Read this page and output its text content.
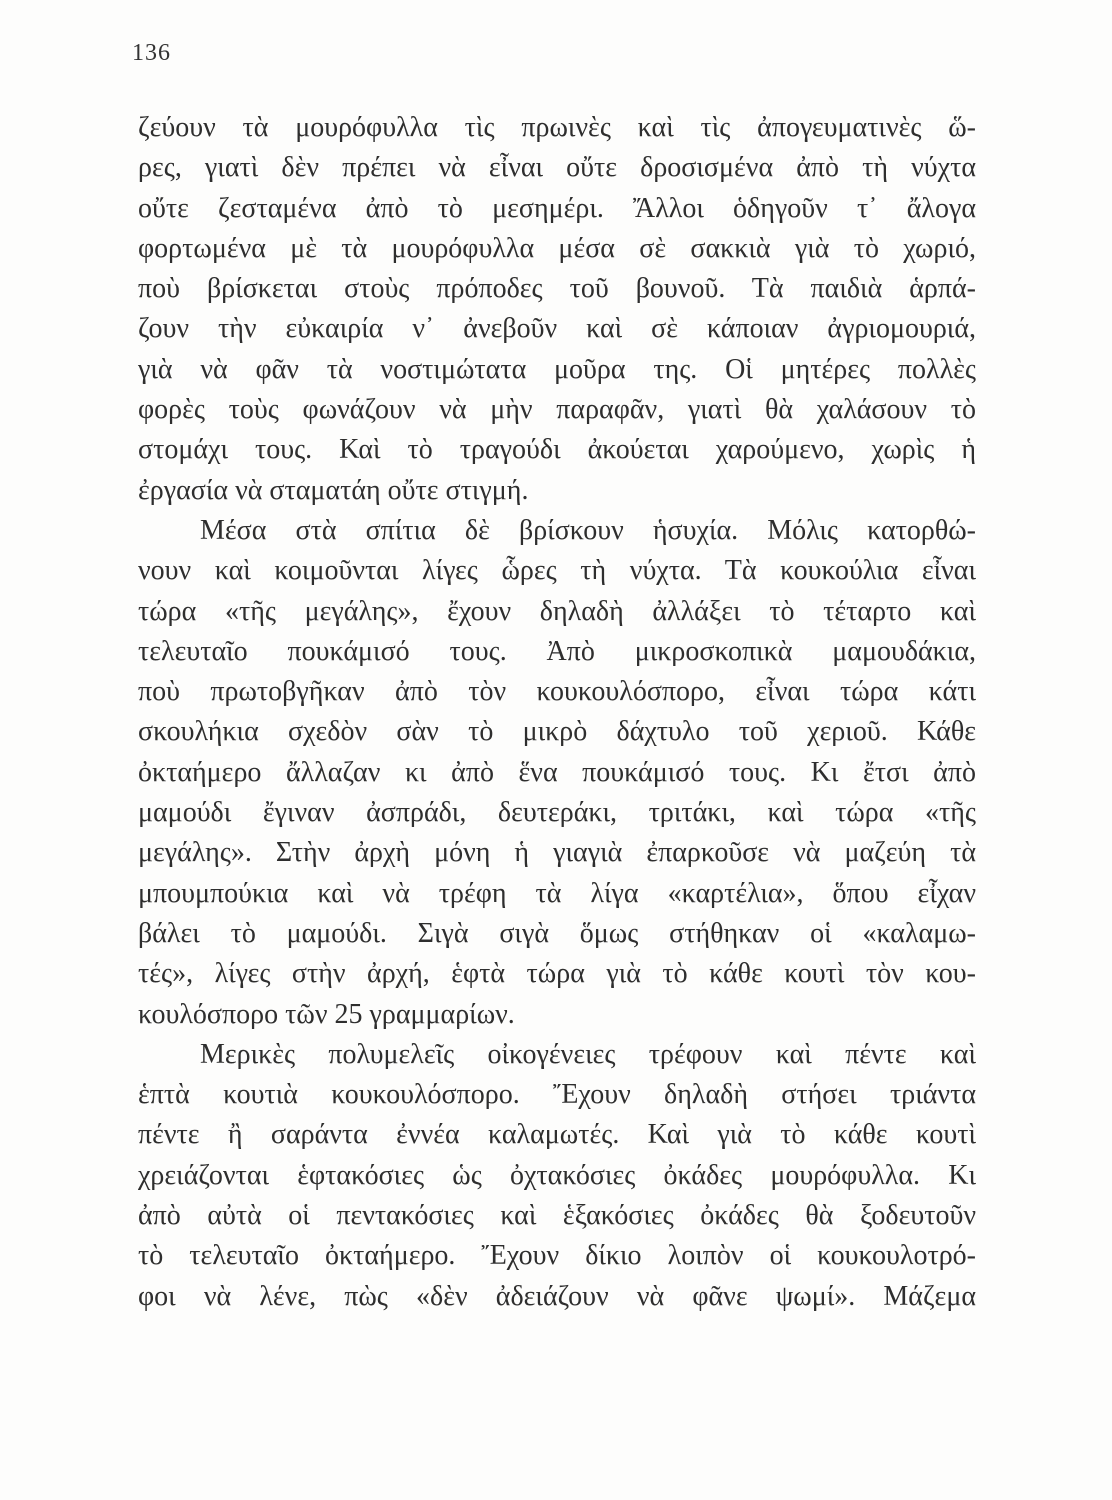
136
ζεύουν τὰ μουρόφυλλα τὶς πρωινὲς καὶ τὶς ἀπογευματινὲς ὥ-
ρες, γιατὶ δὲν πρέπει νὰ εἶναι οὔτε δροσισμένα ἀπὸ τὴ νύχτα
οὔτε ζεσταμένα ἀπὸ τὸ μεσημέρι. Ἄλλοι ὁδηγοῦν τ᾿ ἄλογα
φορτωμένα μὲ τὰ μουρόφυλλα μέσα σὲ σακκιὰ γιὰ τὸ χωριό,
ποὺ βρίσκεται στοὺς πρόποδες τοῦ βουνοῦ. Τὰ παιδιὰ ἁρπά-
ζουν τὴν εὐκαιρία ν᾿ ἀνεβοῦν καὶ σὲ κάποιαν ἀγριομουριά,
γιὰ νὰ φᾶν τὰ νοστιμώτατα μοῦρα της. Οἱ μητέρες πολλὲς
φορὲς τοὺς φωνάζουν νὰ μὴν παραφᾶν, γιατὶ θὰ χαλάσουν τὸ
στομάχι τους. Καὶ τὸ τραγούδι ἀκούεται χαρούμενο, χωρὶς ἡ
ἐργασία νὰ σταματάη οὔτε στιγμή.
Μέσα στὰ σπίτια δὲ βρίσκουν ἡσυχία. Μόλις κατορθώ-
νουν καὶ κοιμοῦνται λίγες ὧρες τὴ νύχτα. Τὰ κουκούλια εἶναι
τώρα «τῆς μεγάλης», ἔχουν δηλαδὴ ἀλλάξει τὸ τέταρτο καὶ
τελευταῖο πουκάμισό τους. Ἀπὸ μικροσκοπικὰ μαμουδάκια,
ποὺ πρωτοβγῆκαν ἀπὸ τὸν κουκουλόσπορο, εἶναι τώρα κάτι
σκουλήκια σχεδὸν σὰν τὸ μικρὸ δάχτυλο τοῦ χεριοῦ. Κάθε
ὀκταήμερο ἄλλαζαν κι ἀπὸ ἕνα πουκάμισό τους. Κι ἔτσι ἀπὸ
μαμούδι ἔγιναν ἀσπράδι, δευτεράκι, τριτάκι, καὶ τώρα «τῆς
μεγάλης». Στὴν ἀρχὴ μόνη ἡ γιαγιὰ ἐπαρκοῦσε νὰ μαζεύη τὰ
μπουμπούκια καὶ νὰ τρέφη τὰ λίγα «καρτέλια», ὅπου εἶχαν
βάλει τὸ μαμούδι. Σιγὰ σιγὰ ὅμως στήθηκαν οἱ «καλαμω-
τές», λίγες στὴν ἀρχή, ἑφτὰ τώρα γιὰ τὸ κάθε κουτὶ τὸν κου-
κουλόσπορο τῶν 25 γραμμαρίων.
Μερικὲς πολυμελεῖς οἰκογένειες τρέφουν καὶ πέντε καὶ
ἑπτὰ κουτιὰ κουκουλόσπορο. Ἔχουν δηλαδὴ στήσει τριάντα
πέντε ἢ σαράντα ἐννέα καλαμωτές. Καὶ γιὰ τὸ κάθε κουτὶ
χρειάζονται ἑφτακόσιες ὡς ὀχτακόσιες ὀκάδες μουρόφυλλα. Κι
ἀπὸ αὐτὰ οἱ πεντακόσιες καὶ ἑξακόσιες ὀκάδες θὰ ξοδευτοῦν
τὸ τελευταῖο ὀκταήμερο. Ἔχουν δίκιο λοιπὸν οἱ κουκουλοτρό-
φοι νὰ λένε, πὼς «δὲν ἀδειάζουν νὰ φᾶνε ψωμί». Μάζεμα
